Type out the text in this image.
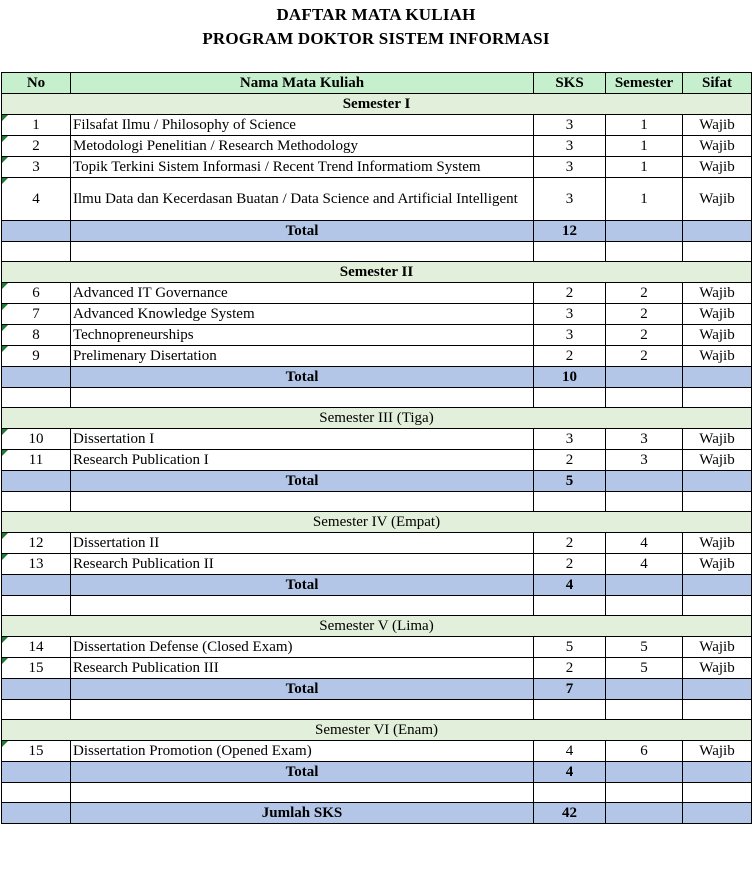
DAFTAR MATA KULIAH
PROGRAM DOKTOR SISTEM INFORMASI
No	Nama Mata Kuliah	SKS	Semester	Sifat
Semester I				

1	Filsafat Ilmu / Philosophy of Science	3	1	Wajib

2	Metodologi Penelitian / Research Methodology	3	1	Wajib

3	Topik Terkini Sistem Informasi / Recent Trend Informatiom System	3	1	Wajib

4	Ilmu Data dan Kecerdasan Buatan / Data Science and Artificial Intelligent	3	1	Wajib
	Total	12		

Semester II				

6	Advanced IT Governance	2	2	Wajib

7	Advanced Knowledge System	3	2	Wajib

8	Technopreneurships	3	2	Wajib

9	Prelimenary Disertation	2	2	Wajib
	Total	10		

Semester III (Tiga)				

10	Dissertation I	3	3	Wajib

11	Research Publication I	2	3	Wajib
	Total	5		

Semester IV (Empat)				

12	Dissertation II	2	4	Wajib

13	Research Publication II	2	4	Wajib
	Total	4		

Semester V (Lima)				

14	Dissertation Defense (Closed Exam)	5	5	Wajib

15	Research Publication III	2	5	Wajib
	Total	7		

Semester VI (Enam)				

15	Dissertation Promotion (Opened Exam)	4	6	Wajib
	Total	4		

	Jumlah SKS	42		
